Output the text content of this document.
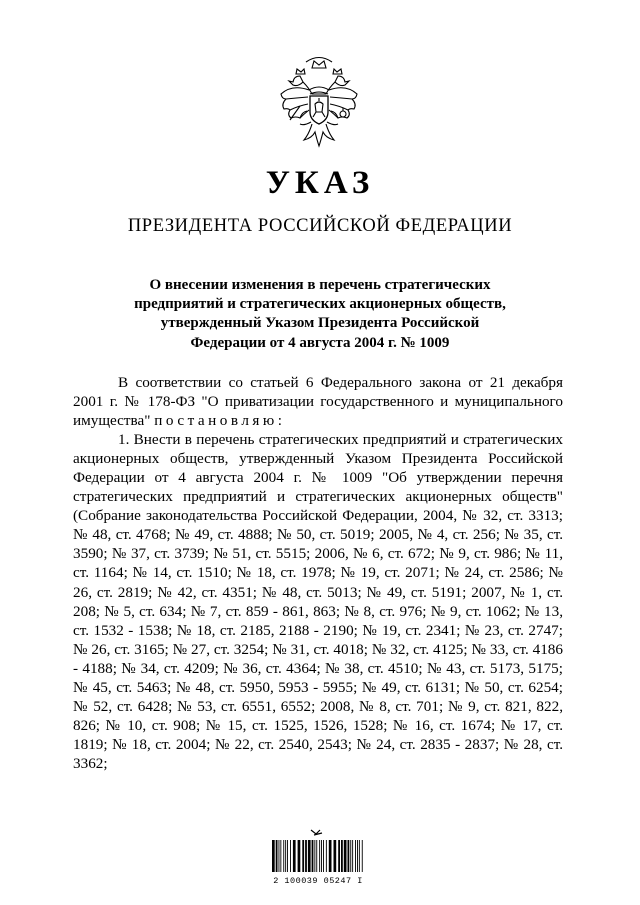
УКАЗ
ПРЕЗИДЕНТА РОССИЙСКОЙ ФЕДЕРАЦИИ
О внесении изменения в перечень стратегических
предприятий и стратегических акционерных обществ,
утвержденный Указом Президента Российской
Федерации от 4 августа 2004 г. № 1009

В соответствии со статьей 6 Федерального закона от 21 декабря 2001 г. № 178-ФЗ "О приватизации государственного и муниципального имущества" постановляю:

1. Внести в перечень стратегических предприятий и стратегических акционерных обществ, утвержденный Указом Президента Российской Федерации от 4 августа 2004 г. № 1009 "Об утверждении перечня стратегических предприятий и стратегических акционерных обществ" (Собрание законодательства Российской Федерации, 2004, № 32, ст. 3313; № 48, ст. 4768; № 49, ст. 4888; № 50, ст. 5019; 2005, № 4, ст. 256; № 35, ст. 3590; № 37, ст. 3739; № 51, ст. 5515; 2006, № 6, ст. 672; № 9, ст. 986; № 11, ст. 1164; № 14, ст. 1510; № 18, ст. 1978; № 19, ст. 2071; № 24, ст. 2586; № 26, ст. 2819; № 42, ст. 4351; № 48, ст. 5013; № 49, ст. 5191; 2007, № 1, ст. 208; № 5, ст. 634; № 7, ст. 859 - 861, 863; № 8, ст. 976; № 9, ст. 1062; № 13, ст. 1532 - 1538; № 18, ст. 2185, 2188 - 2190; № 19, ст. 2341; № 23, ст. 2747; № 26, ст. 3165; № 27, ст. 3254; № 31, ст. 4018; № 32, ст. 4125; № 33, ст. 4186 - 4188; № 34, ст. 4209; № 36, ст. 4364; № 38, ст. 4510; № 43, ст. 5173, 5175; № 45, ст. 5463; № 48, ст. 5950, 5953 - 5955; № 49, ст. 6131; № 50, ст. 6254; № 52, ст. 6428; № 53, ст. 6551, 6552; 2008, № 8, ст. 701; № 9, ст. 821, 822, 826; № 10, ст. 908; № 15, ст. 1525, 1526, 1528; № 16, ст. 1674; № 17, ст. 1819; № 18, ст. 2004; № 22, ст. 2540, 2543; № 24, ст. 2835 - 2837; № 28, ст. 3362;

2 100039 05247 I
